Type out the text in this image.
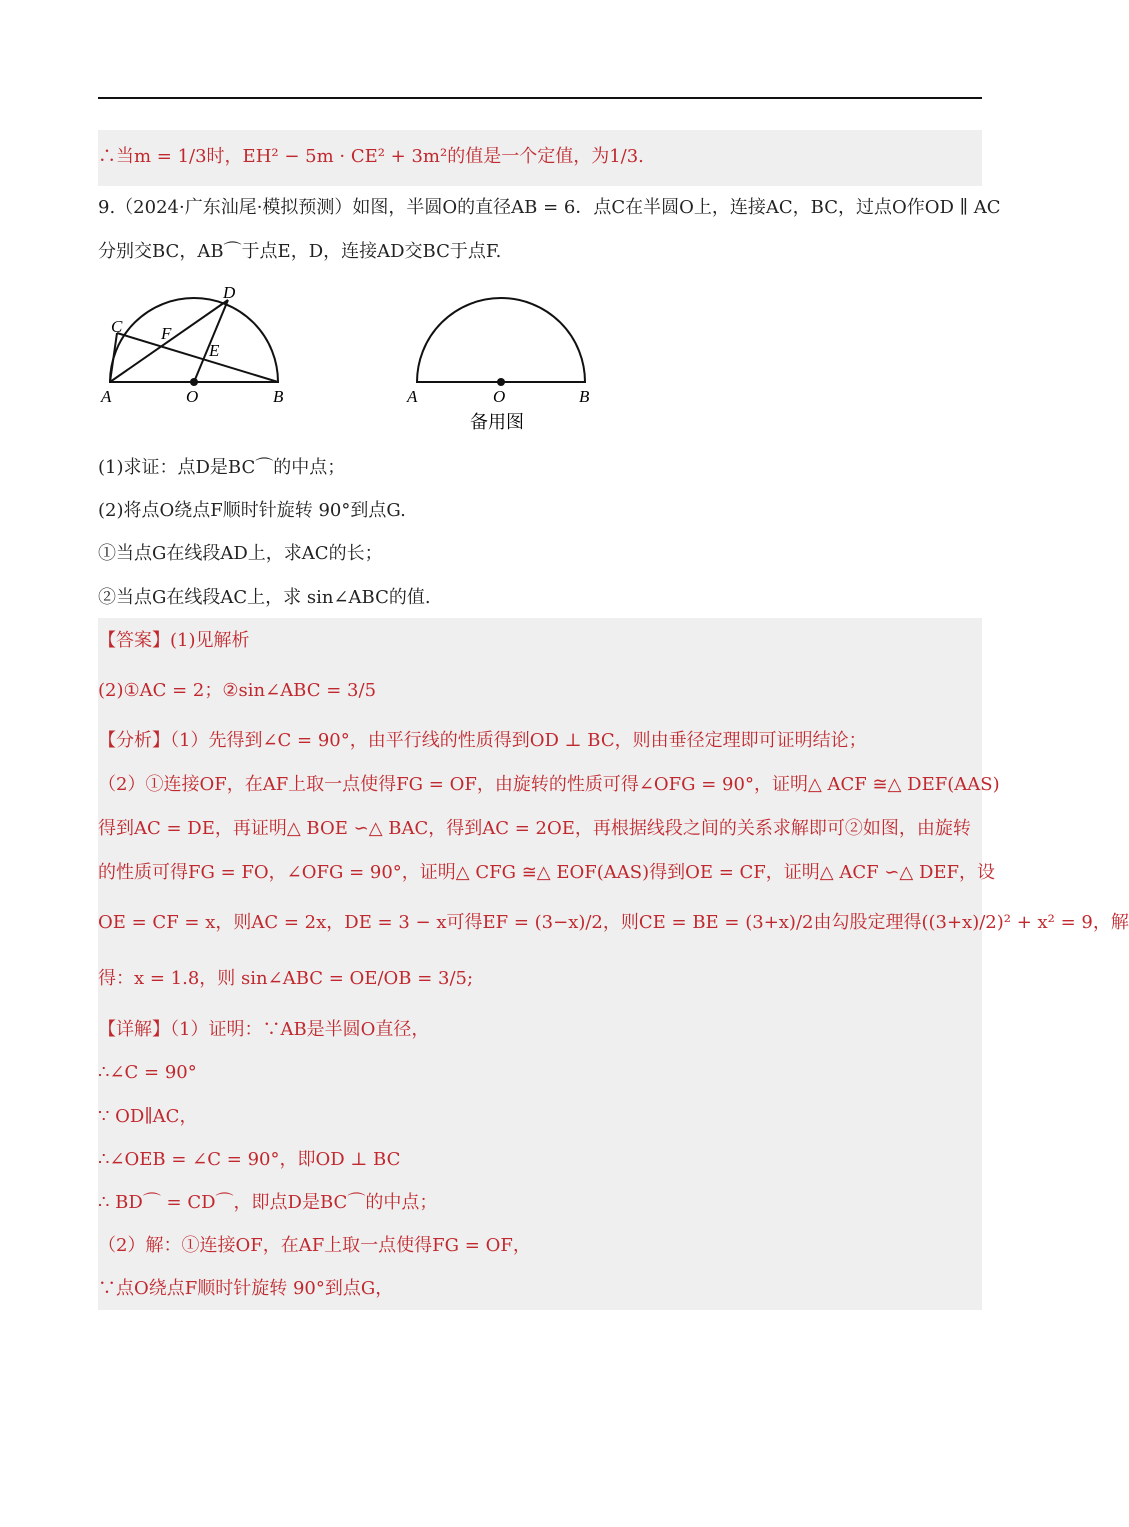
∴当m = 1/3时，EH² − 5m · CE² + 3m²的值是一个定值，为1/3.
9.（2024·广东汕尾·模拟预测）如图，半圆O的直径AB = 6．点C在半圆O上，连接AC，BC，过点O作OD ∥ AC
分别交BC，AB⌒于点E，D，连接AD交BC于点F.
A	O	B
C
D
E
F
A	O	B
备用图
(1)求证：点D是BC⌒的中点；
(2)将点O绕点F顺时针旋转 90°到点G.
①当点G在线段AD上，求AC的长；
②当点G在线段AC上，求 sin∠ABC的值.
【答案】(1)见解析
(2)①AC = 2；②sin∠ABC = 3/5
【分析】（1）先得到∠C = 90°，由平行线的性质得到OD ⊥ BC，则由垂径定理即可证明结论；
（2）①连接OF，在AF上取一点使得FG = OF，由旋转的性质可得∠OFG = 90°，证明△ ACF ≅△ DEF(AAS)
得到AC = DE，再证明△ BOE ∽△ BAC，得到AC = 2OE，再根据线段之间的关系求解即可②如图，由旋转
的性质可得FG = FO，∠OFG = 90°，证明△ CFG ≅△ EOF(AAS)得到OE = CF，证明△ ACF ∽△ DEF，设
OE = CF = x，则AC = 2x，DE = 3 − x可得EF = (3−x)/2，则CE = BE = (3+x)/2由勾股定理得((3+x)/2)² + x² = 9，解
得：x = 1.8，则 sin∠ABC = OE/OB = 3/5;
【详解】（1）证明：∵AB是半圆O直径，
∴∠C = 90°
∵ OD∥AC，
∴∠OEB = ∠C = 90°，即OD ⊥ BC
∴ BD⌒ = CD⌒，即点D是BC⌒的中点；
（2）解：①连接OF，在AF上取一点使得FG = OF，
∵点O绕点F顺时针旋转 90°到点G，
